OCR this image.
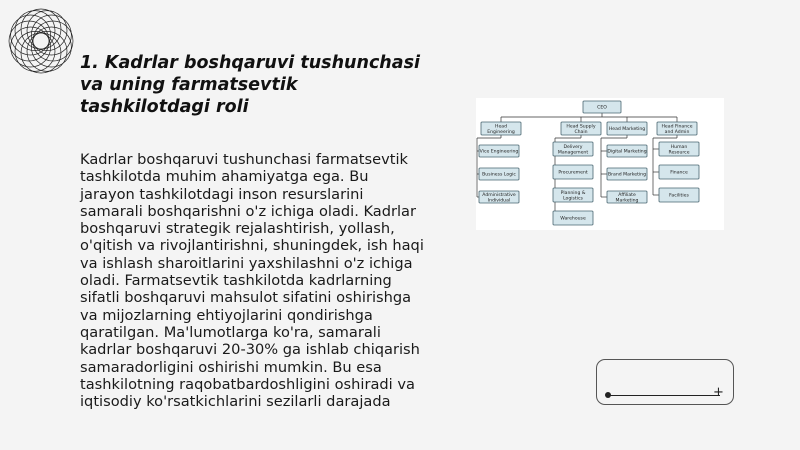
1. Kadrlar boshqaruvi tushunchasi va uning farmatsevtik tashkilotdagi roli

Kadrlar boshqaruvi tushunchasi farmatsevtik tashkilotda muhim ahamiyatga ega. Bu jarayon tashkilotdagi inson resurslarini samarali boshqarishni o'z ichiga oladi. Kadrlar boshqaruvi strategik rejalashtirish, yollash, o'qitish va rivojlantirishni, shuningdek, ish haqi va ishlash sharoitlarini yaxshilashni o'z ichiga oladi. Farmatsevtik tashkilotda kadrlarning sifatli boshqaruvi mahsulot sifatini oshirishga va mijozlarning ehtiyojlarini qondirishga qaratilgan. Ma'lumotlarga ko'ra, samarali kadrlar boshqaruvi 20-30% ga ishlab chiqarish samaradorligini oshirishi mumkin. Bu esa tashkilotning raqobatbardoshligini oshiradi va iqtisodiy ko'rsatkichlarini sezilarli darajada

CEO
Vice Engineering
Business Logic
Administrative
Individual
Head
Engineering
Delivery
Management
Procurement
Planning &
Logistics
Warehouse
Head Supply
Chain
Digital Marketing
Brand Marketing
Affiliate
Marketing
Head Marketing
Human
Resource
Finance
Facilities
Head Finance
and Admin
+
